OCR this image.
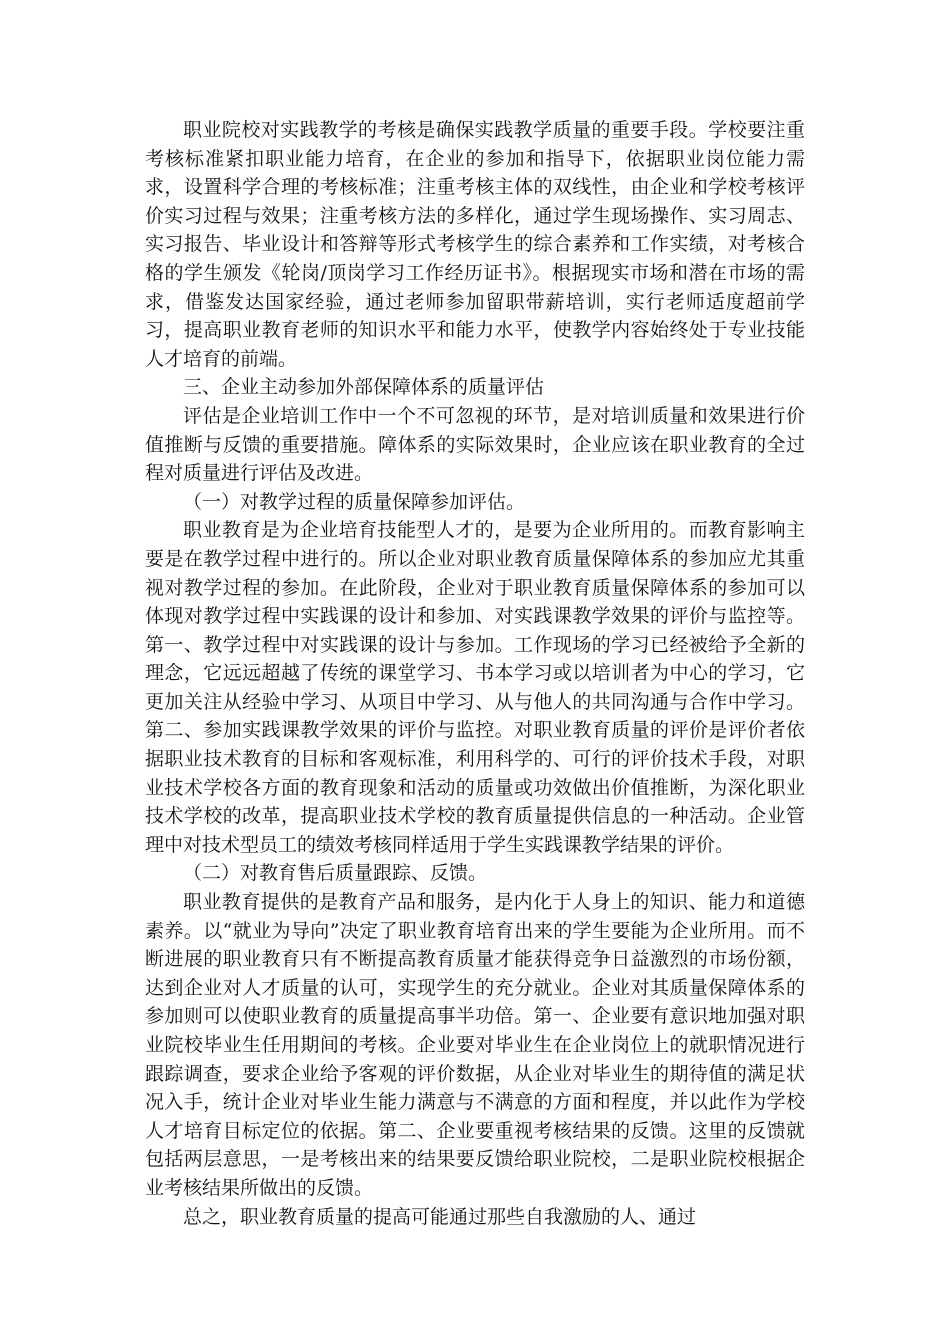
职业院校对实践教学的考核是确保实践教学质量的重要手段。学校要注重考核标准紧扣职业能力培育，在企业的参加和指导下，依据职业岗位能力需求，设置科学合理的考核标准；注重考核主体的双线性，由企业和学校考核评价实习过程与效果；注重考核方法的多样化，通过学生现场操作、实习周志、实习报告、毕业设计和答辩等形式考核学生的综合素养和工作实绩，对考核合格的学生颁发《轮岗/顶岗学习工作经历证书》。根据现实市场和潜在市场的需求，借鉴发达国家经验，通过老师参加留职带薪培训，实行老师适度超前学习，提高职业教育老师的知识水平和能力水平，使教学内容始终处于专业技能人才培育的前端。

三、企业主动参加外部保障体系的质量评估

评估是企业培训工作中一个不可忽视的环节，是对培训质量和效果进行价值推断与反馈的重要措施。障体系的实际效果时，企业应该在职业教育的全过程对质量进行评估及改进。

（一）对教学过程的质量保障参加评估。

职业教育是为企业培育技能型人才的，是要为企业所用的。而教育影响主要是在教学过程中进行的。所以企业对职业教育质量保障体系的参加应尤其重视对教学过程的参加。在此阶段，企业对于职业教育质量保障体系的参加可以体现对教学过程中实践课的设计和参加、对实践课教学效果的评价与监控等。第一、教学过程中对实践课的设计与参加。工作现场的学习已经被给予全新的理念，它远远超越了传统的课堂学习、书本学习或以培训者为中心的学习，它更加关注从经验中学习、从项目中学习、从与他人的共同沟通与合作中学习。第二、参加实践课教学效果的评价与监控。对职业教育质量的评价是评价者依据职业技术教育的目标和客观标准，利用科学的、可行的评价技术手段，对职业技术学校各方面的教育现象和活动的质量或功效做出价值推断，为深化职业技术学校的改革，提高职业技术学校的教育质量提供信息的一种活动。企业管理中对技术型员工的绩效考核同样适用于学生实践课教学结果的评价。

（二）对教育售后质量跟踪、反馈。

职业教育提供的是教育产品和服务，是内化于人身上的知识、能力和道德素养。以“就业为导向”决定了职业教育培育出来的学生要能为企业所用。而不断进展的职业教育只有不断提高教育质量才能获得竞争日益激烈的市场份额，达到企业对人才质量的认可，实现学生的充分就业。企业对其质量保障体系的参加则可以使职业教育的质量提高事半功倍。第一、企业要有意识地加强对职业院校毕业生任用期间的考核。企业要对毕业生在企业岗位上的就职情况进行跟踪调查，要求企业给予客观的评价数据，从企业对毕业生的期待值的满足状况入手，统计企业对毕业生能力满意与不满意的方面和程度，并以此作为学校人才培育目标定位的依据。第二、企业要重视考核结果的反馈。这里的反馈就包括两层意思，一是考核出来的结果要反馈给职业院校，二是职业院校根据企业考核结果所做出的反馈。

总之，职业教育质量的提高可能通过那些自我激励的人、通过
